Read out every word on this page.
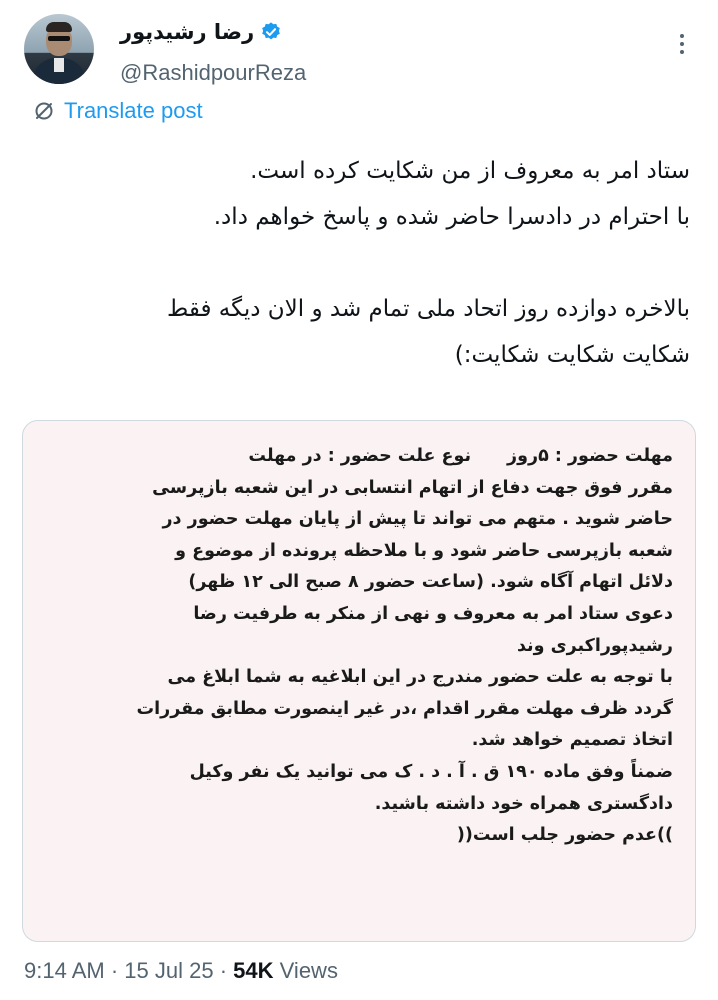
رضا رشیدپور
@RashidpourReza
Translate post

ستاد امر به معروف از من شکایت کرده است.

با احترام در دادسرا حاضر شده و پاسخ خواهم داد.

بالاخره دوازده روز اتحاد ملی تمام شد و الان دیگه فقط

شکایت شکایت شکایت:)

مهلت حضور : ۵روز
نوع علت حضور : در مهلت

مقرر فوق جهت دفاع از اتهام انتسابی در این شعبه بازپرسی

حاضر شوید . متهم می تواند تا پیش از پایان مهلت حضور در

شعبه بازپرسی حاضر شود و با ملاحظه پرونده از موضوع و

دلائل اتهام آگاه شود. (ساعت حضور ۸ صبح الی ۱۲ ظهر)

دعوی ستاد امر به معروف و نهی از منکر به طرفیت رضا

رشیدپوراکبری وند

با توجه به علت حضور مندرج در این ابلاغیه به شما ابلاغ می

گردد ظرف مهلت مقرر اقدام ،در غیر اینصورت مطابق مقررات

اتخاذ تصمیم خواهد شد.

ضمناً وفق ماده ۱۹۰ ق . آ . د . ک می توانید یک نفر وکیل

دادگستری همراه خود داشته باشید.

))عدم حضور جلب است((

9:14 AM · 15 Jul 25 · 54K Views
